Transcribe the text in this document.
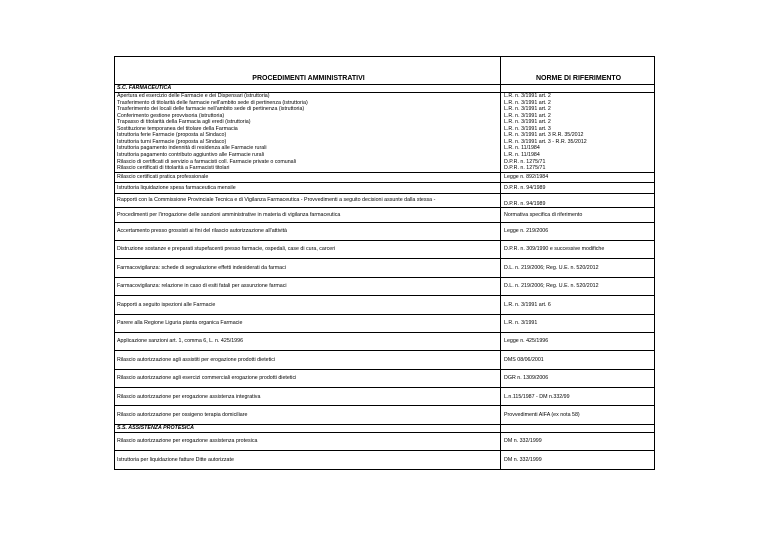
PROCEDIMENTI AMMINISTRATIVI	NORME DI RIFERIMENTO
S.C. FARMACEUTICA	
Apertura ed esercizio delle Farmacie e dei Dispensari (istruttoria)	L.R. n. 3/1991 art. 2
Trasferimento di titolarità delle farmacie nell'ambito sede di pertinenza (istruttoria)	L.R. n. 3/1991 art. 2
Trasferimento dei locali delle farmacie nell'ambito sede di pertinenza (istruttoria)	L.R. n. 3/1991 art. 2
Conferimento gestione provvisoria (istruttoria)	L.R. n. 3/1991 art. 2
Trapasso di titolarità della Farmacia agli eredi (istruttoria)	L.R. n. 3/1991 art. 2
Sostituzione temporanea del titolare della Farmacia	L.R. n. 3/1991 art. 3
Istruttoria ferie Farmacie (proposta al Sindaco)	L.R. n. 3/1991 art. 3 R.R. 35/2012
Istruttoria turni Farmacie (proposta al Sindaco)	L.R. n. 3/1991 art. 3 - R.R. 35/2012
Istruttoria pagamento indennità di residenza alle Farmacie rurali	L.R. n. 11/1984
Istruttoria pagamento contributo aggiuntivo alle Farmacie rurali	L.R. n. 11/1984
Rilascio di certificati di servizio a farmacisti coll. Farmacie private o comunali	D.P.R. n. 1275/71
Rilascio certificati di titolarità a Farmacisti titolari	D.P.R. n. 1275/71
Rilascio certificati pratica professionale	Legge n. 892/1984
Istruttoria liquidazione spesa farmaceutica mensile	D.P.R. n. 94/1989
Rapporti con la Commissione Provinciale Tecnica e di Vigilanza Farmaceutica - Provvedimenti a seguito decisioni assunte dalla stessa -	D.P.R. n. 94/1989
Procedimenti per l'irrogazione delle sanzioni amministrative in materia di vigilanza farmaceutica	Normativa specifica di riferimento
Accertamento presso grossisti ai fini del rilascio autorizzazione all'attività	Legge n. 219/2006
Distruzione sostanze e preparati stupefacenti presso farmacie, ospedali, case di cura, carceri	D.P.R. n. 309/1990 e successive modifiche
Farmacovigilanza: schede di segnalazione effetti indesiderati da farmaci	D.L. n. 219/2006; Reg. U.E. n. 520/2012
Farmacovigilanza: relazione in caso di esiti fatali per assunzione farmaci	D.L. n. 219/2006; Reg. U.E. n. 520/2012
Rapporti a seguito ispezioni alle Farmacie	L.R. n. 3/1991 art. 6
Parere alla Regione Liguria pianta organica Farmacie	L.R. n. 3/1991
Applicazione sanzioni art. 1, comma 6, L. n. 425/1996	Legge n. 425/1996
Rilascio autorizzazione agli assistiti per erogazione prodotti dietetici	DMS 08/06/2001
Rilascio autorizzazione agli esercizi commerciali erogazione prodotti dietetici	DGR n. 1309/2006
Rilascio autorizzazione per erogazione assistenza integrativa	L.n.115/1987 - DM n.332/99
Rilascio autorizzazione per ossigeno terapia domiciliare	Provvedimenti AIFA (ex nota 58)
S.S. ASSISTENZA PROTESICA	
Rilascio autorizzazione per erogazione assistenza protesica	DM n. 332/1999
Istruttoria per liquidazione fatture Ditte autorizzate	DM n. 332/1999
